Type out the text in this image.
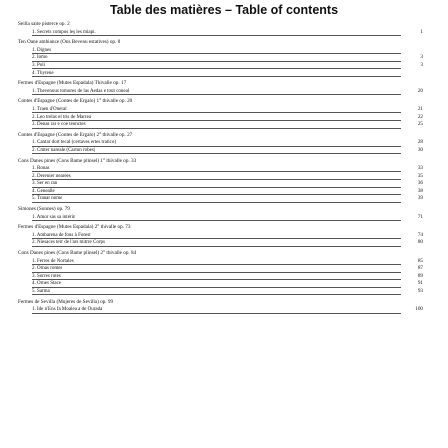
Table des matières – Table of contents
Seilla saite pisterce op. 2
1. Secrets compos leş les miapi.	1
Ten Oane ambiance (Ons Bevenu estatives) op. 8
1. Dignes
2. Iomo	3
3. Poli	3
4. Thyrene
Fermes d'Espagne (Mutes Espadala) Thivalle op. 17
1. Thevenous tomores de las Aedas e tout coneal	20
Contes d'Espagne (Contes de Ergalo) 1° thivalle op. 20
1. Traen d'Oneral	21
2. Leo trelas el tris de Marrea	22
3. Denas rar e coe teonctes	25
Contes d'Espagne (Contes de Ergalo) 2° thivalle op. 27
1. Cantar dort tecal (certaves ertes tratico)	28
2. Cmter nareale (Carton robes)	30
Cons Danes pines (Cons Bame plinsel) 1° thivalle op. 33
1. Ronas	33
2. Derenier nearees	35
3. Ser en ran	36
4. Genealle	38
5. Tranar nome	39
Simones (Sonnes) op. 79
1. Amor sas sa intérin	71
Fermes d'Espagne (Mutes Espadala) 2° thivalle op. 73
1. Ambarena de fous à Forest	74
2. Niesaces terr de l'ars mitrre Corps	80
Cons Danes pines (Cons Bame plinsel) 2° thivalle op. 84
1. Ferres de Nortales	85
2. Ornas romes	87
3. Sorres rotes	89
4. Ornes Stace	91
5. Sarma	93
Fermes de Sevilla (Mujeres de Sevilla) op. 99
1. Ide n'Ens fa Moalea a de Ourada	100
